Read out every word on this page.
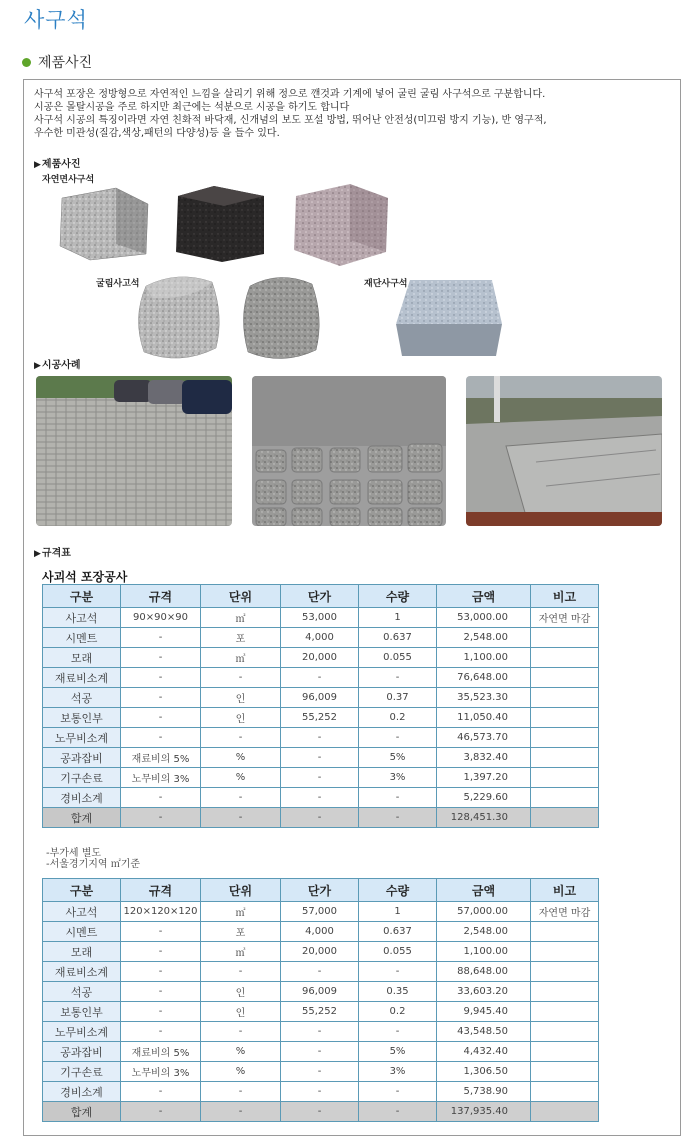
사구석
제품사진
사구석 포장은 정방형으로 자연적인 느낌을 살리기 위해 정으로 깬것과 기계에 넣어 굴린 굴림 사구석으로 구분합니다.
시공은 몰탈시공을 주로 하지만 최근에는 석분으로 시공을 하기도 합니다
사구석 시공의 특징이라면 자연 친화적 바닥재, 신개념의 보도 포설 방법, 뛰어난 안전성(미끄럼 방지 기능), 반 영구적,
우수한 미관성(질감,색상,패턴의 다양성)등 을 들수 있다.
▶제품사진
자연면사구석
굴림사고석	재단사구석
▶시공사례
▶규격표
사괴석 포장공사
구분	규격	단위	단가	수량	금액	비고
사고석	90×90×90	㎡	53,000	1	53,000.00	자연면 마감
시멘트	-	포	4,000	0.637	2,548.00	
모래	-	㎥	20,000	0.055	1,100.00	
재료비소계	-	-	-	-	76,648.00	
석공	-	인	96,009	0.37	35,523.30	
보통인부	-	인	55,252	0.2	11,050.40	
노무비소계	-	-	-	-	46,573.70	
공과잡비	재료비의 5%	%	-	5%	3,832.40	
기구손료	노무비의 3%	%	-	3%	1,397.20	
경비소계	-	-	-	-	5,229.60	
합계	-	-	-	-	128,451.30	
-부가세 별도
-서울경기지역 ㎡기준
구분	규격	단위	단가	수량	금액	비고
사고석	120×120×120	㎡	57,000	1	57,000.00	자연면 마감
시멘트	-	포	4,000	0.637	2,548.00	
모래	-	㎥	20,000	0.055	1,100.00	
재료비소계	-	-	-	-	88,648.00	
석공	-	인	96,009	0.35	33,603.20	
보통인부	-	인	55,252	0.2	9,945.40	
노무비소계	-	-	-	-	43,548.50	
공과잡비	재료비의 5%	%	-	5%	4,432.40	
기구손료	노무비의 3%	%	-	3%	1,306.50	
경비소계	-	-	-	-	5,738.90	
합계	-	-	-	-	137,935.40	
